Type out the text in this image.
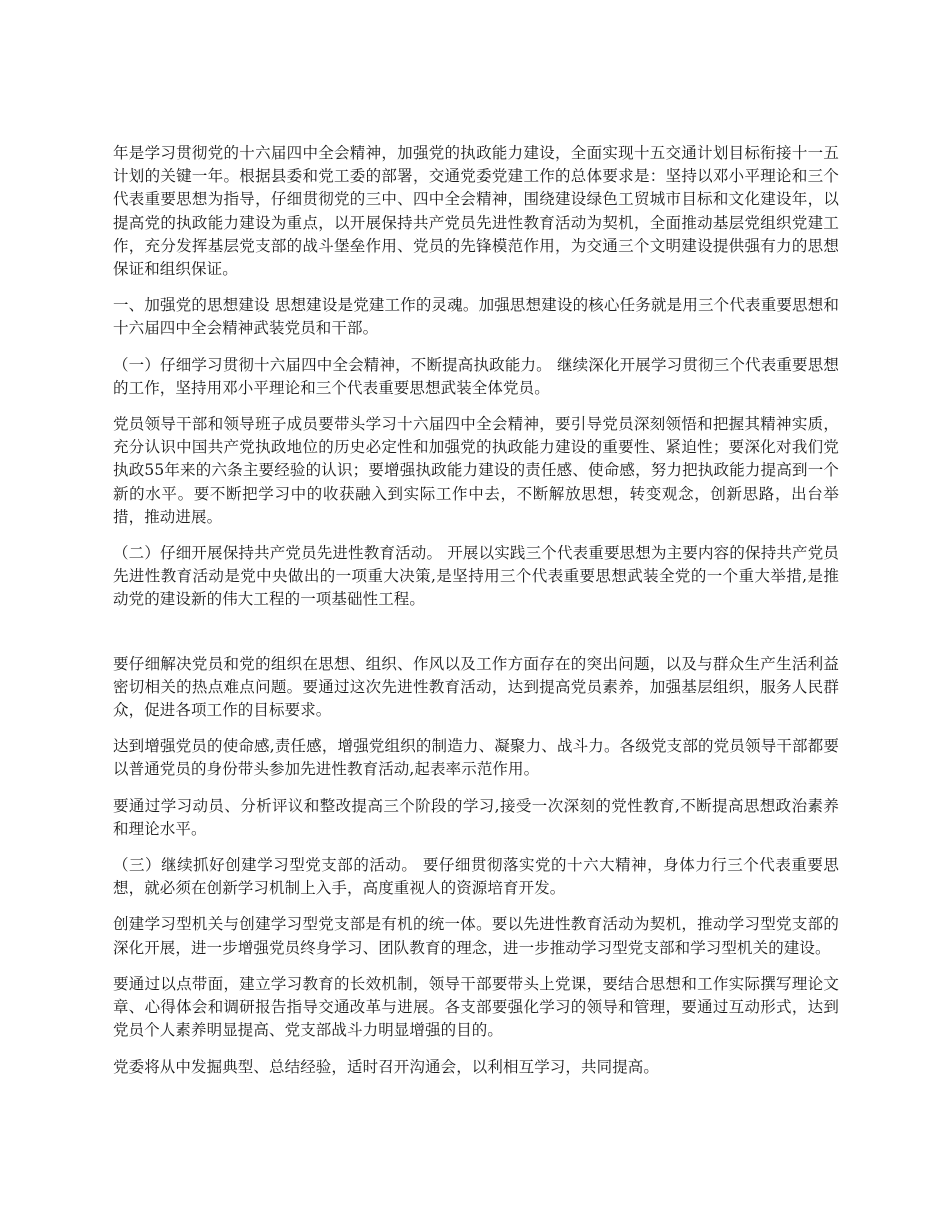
年是学习贯彻党的十六届四中全会精神，加强党的执政能力建设，全面实现十五交通计划目标衔接十一五计划的关键一年。根据县委和党工委的部署，交通党委党建工作的总体要求是：坚持以邓小平理论和三个代表重要思想为指导，仔细贯彻党的三中、四中全会精神，围绕建设绿色工贸城市目标和文化建设年，以提高党的执政能力建设为重点，以开展保持共产党员先进性教育活动为契机，全面推动基层党组织党建工作，充分发挥基层党支部的战斗堡垒作用、党员的先锋模范作用，为交通三个文明建设提供强有力的思想保证和组织保证。

一、加强党的思想建设 思想建设是党建工作的灵魂。加强思想建设的核心任务就是用三个代表重要思想和十六届四中全会精神武装党员和干部。

（一）仔细学习贯彻十六届四中全会精神，不断提高执政能力。 继续深化开展学习贯彻三个代表重要思想的工作，坚持用邓小平理论和三个代表重要思想武装全体党员。

党员领导干部和领导班子成员要带头学习十六届四中全会精神，要引导党员深刻领悟和把握其精神实质，充分认识中国共产党执政地位的历史必定性和加强党的执政能力建设的重要性、紧迫性；要深化对我们党执政55年来的六条主要经验的认识；要增强执政能力建设的责任感、使命感，努力把执政能力提高到一个新的水平。要不断把学习中的收获融入到实际工作中去，不断解放思想，转变观念，创新思路，出台举措，推动进展。

（二）仔细开展保持共产党员先进性教育活动。 开展以实践三个代表重要思想为主要内容的保持共产党员先进性教育活动是党中央做出的一项重大决策,是坚持用三个代表重要思想武装全党的一个重大举措,是推动党的建设新的伟大工程的一项基础性工程。

要仔细解决党员和党的组织在思想、组织、作风以及工作方面存在的突出问题，以及与群众生产生活利益密切相关的热点难点问题。要通过这次先进性教育活动，达到提高党员素养，加强基层组织，服务人民群众，促进各项工作的目标要求。

达到增强党员的使命感,责任感，增强党组织的制造力、凝聚力、战斗力。各级党支部的党员领导干部都要以普通党员的身份带头参加先进性教育活动,起表率示范作用。

要通过学习动员、分析评议和整改提高三个阶段的学习,接受一次深刻的党性教育,不断提高思想政治素养和理论水平。

（三）继续抓好创建学习型党支部的活动。 要仔细贯彻落实党的十六大精神，身体力行三个代表重要思想，就必须在创新学习机制上入手，高度重视人的资源培育开发。

创建学习型机关与创建学习型党支部是有机的统一体。要以先进性教育活动为契机，推动学习型党支部的深化开展，进一步增强党员终身学习、团队教育的理念，进一步推动学习型党支部和学习型机关的建设。

要通过以点带面，建立学习教育的长效机制，领导干部要带头上党课，要结合思想和工作实际撰写理论文章、心得体会和调研报告指导交通改革与进展。各支部要强化学习的领导和管理，要通过互动形式，达到党员个人素养明显提高、党支部战斗力明显增强的目的。

党委将从中发掘典型、总结经验，适时召开沟通会，以利相互学习，共同提高。
